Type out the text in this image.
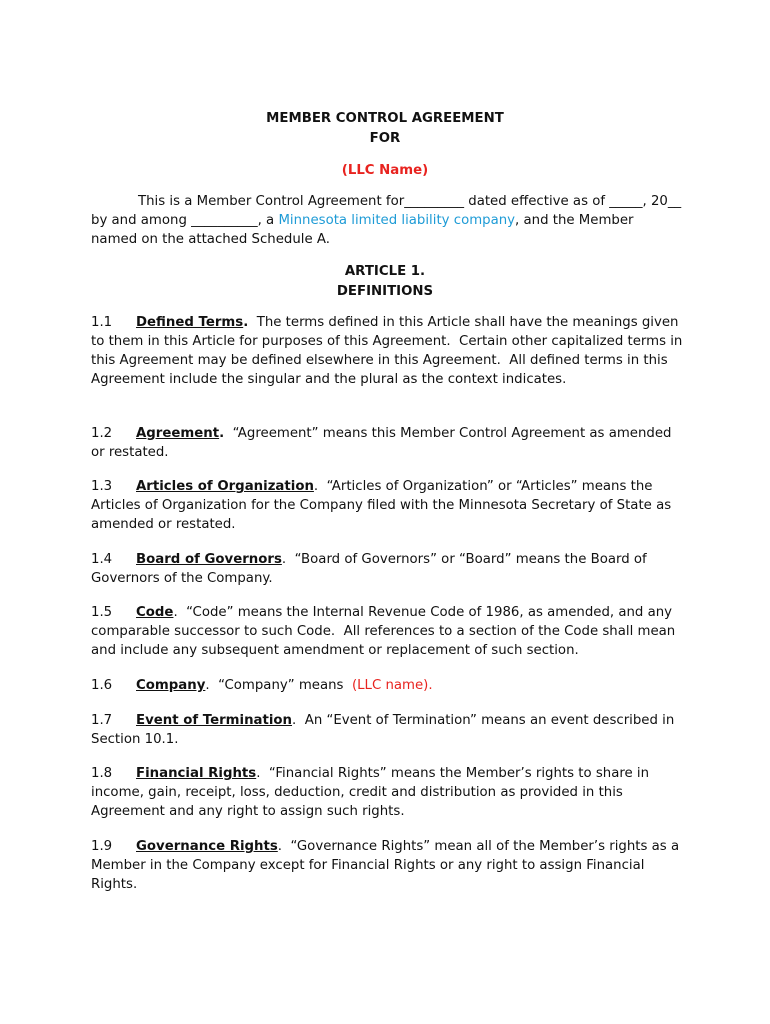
MEMBER CONTROL AGREEMENT
FOR
(LLC Name)

This is a Member Control Agreement for_________ dated effective as of _____, 20__ by and among __________, a Minnesota limited liability company, and the Member named on the attached Schedule A.

ARTICLE 1.
DEFINITIONS

1.1 Defined Terms.  The terms defined in this Article shall have the meanings given to them in this Article for purposes of this Agreement.  Certain other capitalized terms in this Agreement may be defined elsewhere in this Agreement.  All defined terms in this Agreement include the singular and the plural as the context indicates.

1.2 Agreement.  “Agreement” means this Member Control Agreement as amended or restated.

1.3 Articles of Organization.  “Articles of Organization” or “Articles” means the Articles of Organization for the Company filed with the Minnesota Secretary of State as amended or restated.

1.4 Board of Governors.  “Board of Governors” or “Board” means the Board of Governors of the Company.

1.5 Code.  “Code” means the Internal Revenue Code of 1986, as amended, and any comparable successor to such Code.  All references to a section of the Code shall mean and include any subsequent amendment or replacement of such section.

1.6 Company.  “Company” means  (LLC name).

1.7 Event of Termination.  An “Event of Termination” means an event described in Section 10.1.

1.8 Financial Rights.  “Financial Rights” means the Member’s rights to share in income, gain, receipt, loss, deduction, credit and distribution as provided in this Agreement and any right to assign such rights.

1.9 Governance Rights.  “Governance Rights” mean all of the Member’s rights as a Member in the Company except for Financial Rights or any right to assign Financial Rights.
